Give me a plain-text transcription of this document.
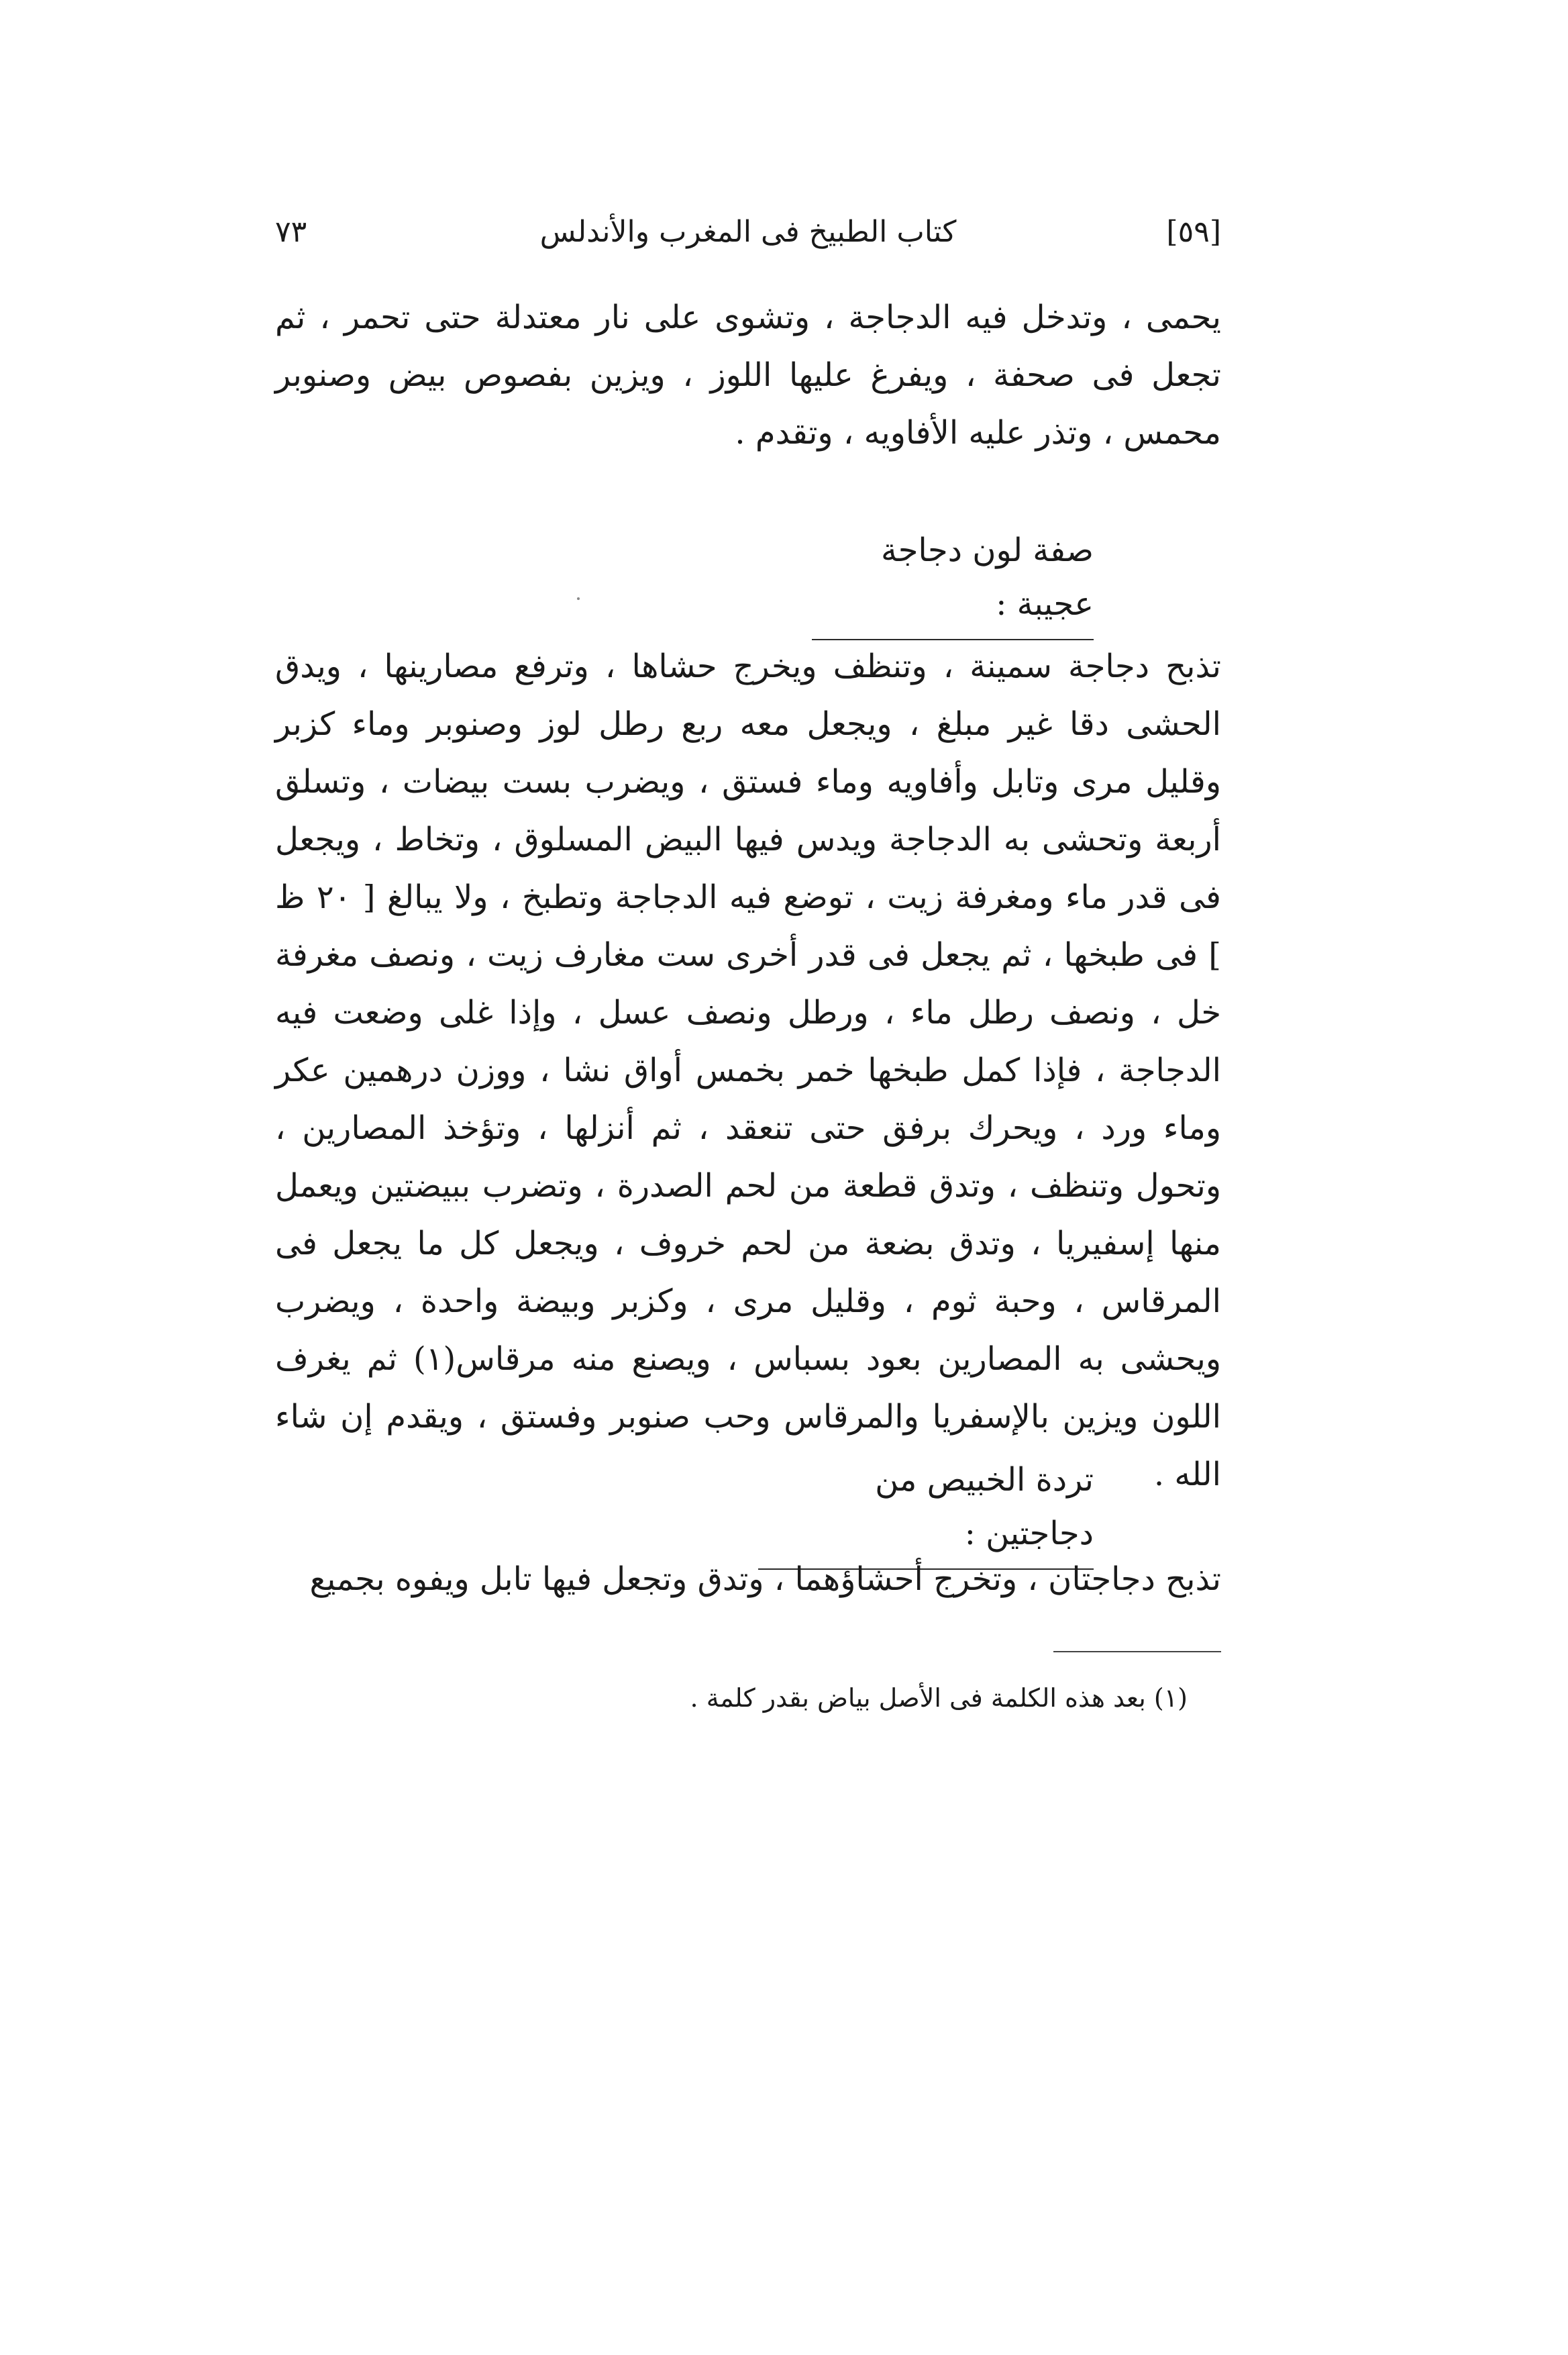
٧٣	كتاب الطبيخ فى المغرب والأندلس	[٥٩]

يحمى ، وتدخل فيه الدجاجة ، وتشوى على نار معتدلة حتى تحمر ، ثم تجعل فى صحفة ، ويفرغ عليها اللوز ، ويزين بفصوص بيض وصنوبر محمس ، وتذر عليه الأفاويه ، وتقدم .

صفة لون دجاجة عجيبة :

تذبح دجاجة سمينة ، وتنظف ويخرج حشاها ، وترفع مصارينها ، ويدق الحشى دقا غير مبلغ ، ويجعل معه ربع رطل لوز وصنوبر وماء كزبر وقليل مرى وتابل وأفاويه وماء فستق ، ويضرب بست بيضات ، وتسلق أربعة وتحشى به الدجاجة ويدس فيها البيض المسلوق ، وتخاط ، ويجعل فى قدر ماء ومغرفة زيت ، توضع فيه الدجاجة وتطبخ ، ولا يبالغ [ ٢٠ ظ ] فى طبخها ، ثم يجعل فى قدر أخرى ست مغارف زيت ، ونصف مغرفة خل ، ونصف رطل ماء ، ورطل ونصف عسل ، وإذا غلى وضعت فيه الدجاجة ، فإذا كمل طبخها خمر بخمس أواق نشا ، ووزن درهمين عكر وماء ورد ، ويحرك برفق حتى تنعقد ، ثم أنزلها ، وتؤخذ المصارين ، وتحول وتنظف ، وتدق قطعة من لحم الصدرة ، وتضرب ببيضتين ويعمل منها إسفيريا ، وتدق بضعة من لحم خروف ، ويجعل كل ما يجعل فى المرقاس ، وحبة ثوم ، وقليل مرى ، وكزبر وبيضة واحدة ، ويضرب ويحشى به المصارين بعود بسباس ، ويصنع منه مرقاس(١) ثم يغرف اللون ويزين بالإسفريا والمرقاس وحب صنوبر وفستق ، ويقدم إن شاء الله .

تردة الخبيص من دجاجتين :

تذبح دجاجتان ، وتخرج أحشاؤهما ، وتدق وتجعل فيها تابل ويفوه بجميع

(١) بعد هذه الكلمة فى الأصل بياض بقدر كلمة .
